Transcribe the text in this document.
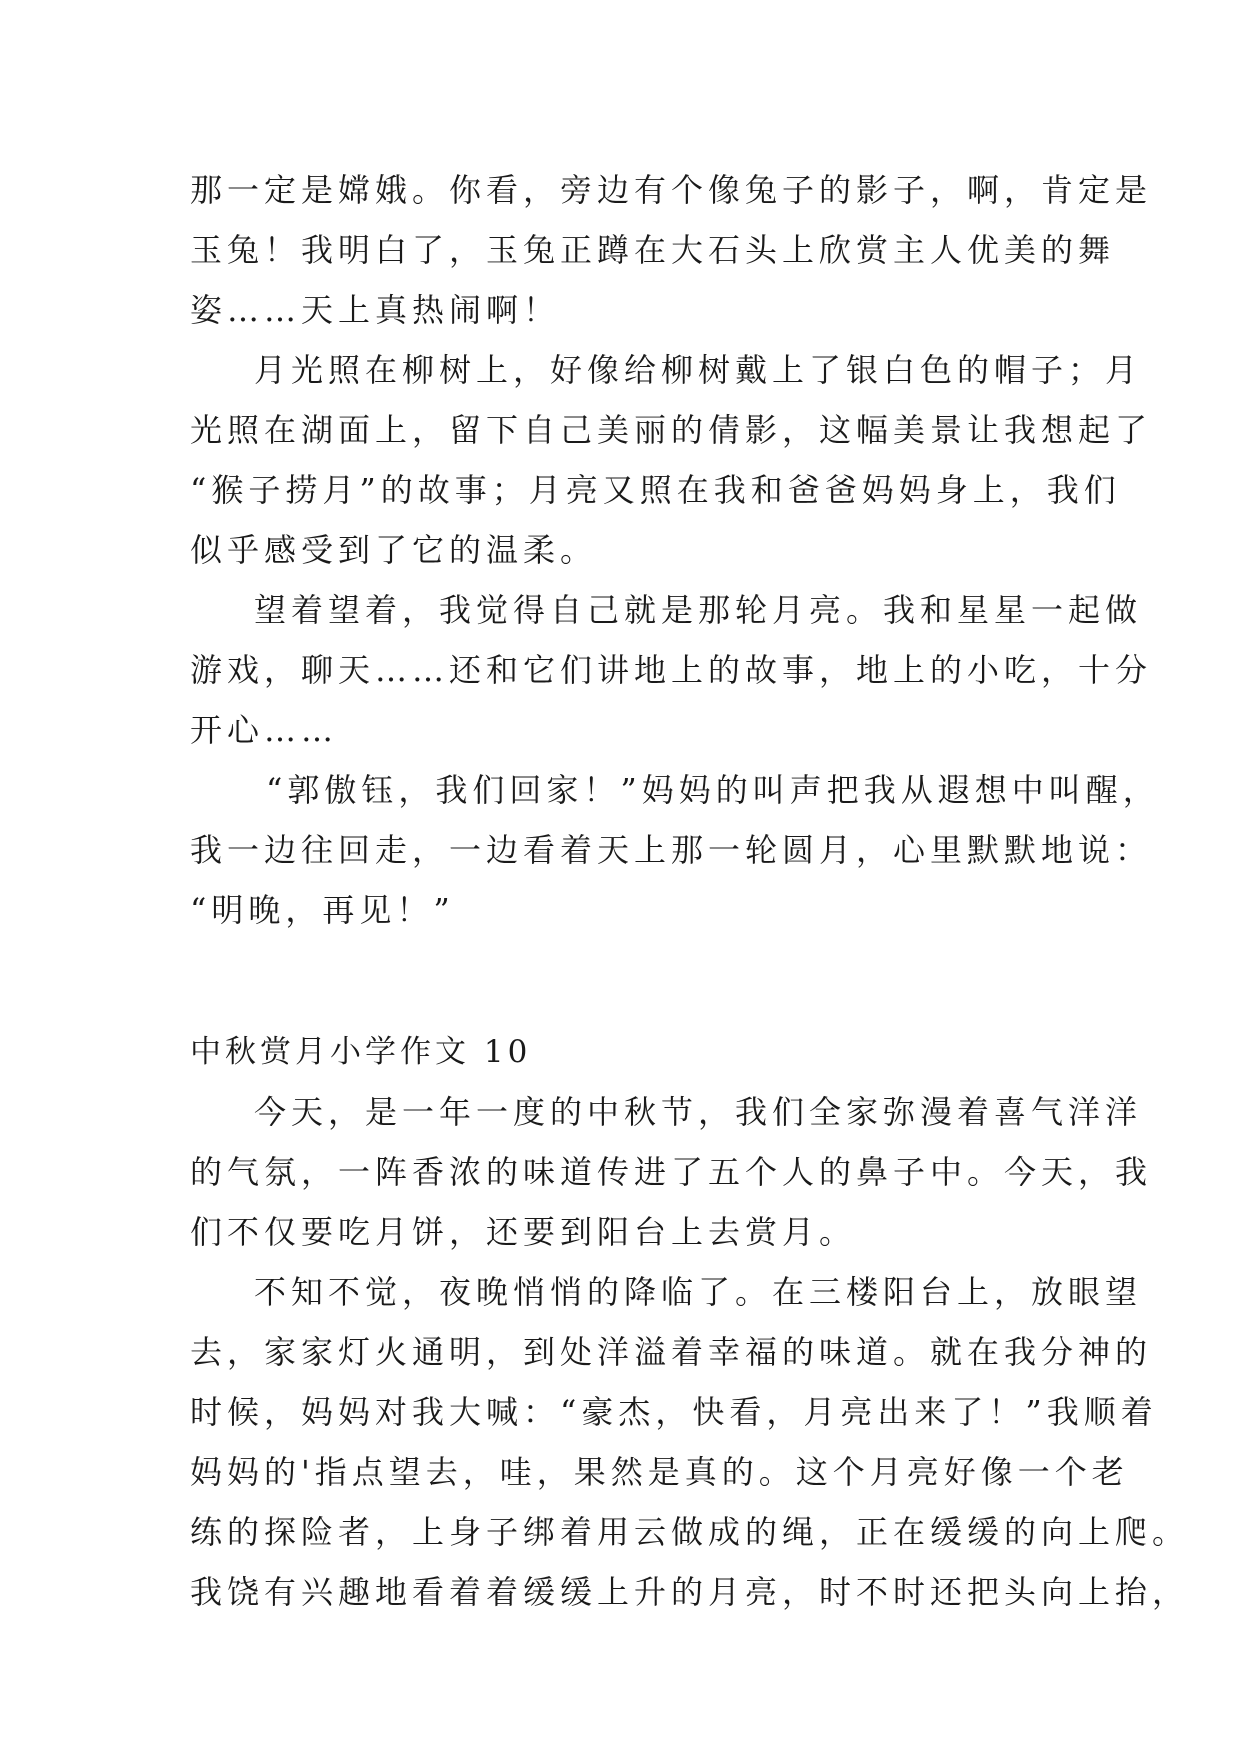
那一定是嫦娥。你看，旁边有个像兔子的影子，啊，肯定是
玉兔！我明白了，玉兔正蹲在大石头上欣赏主人优美的舞
姿……天上真热闹啊！
月光照在柳树上，好像给柳树戴上了银白色的帽子；月
光照在湖面上，留下自己美丽的倩影，这幅美景让我想起了
“猴子捞月”的故事；月亮又照在我和爸爸妈妈身上，我们
似乎感受到了它的温柔。
望着望着，我觉得自己就是那轮月亮。我和星星一起做
游戏，聊天……还和它们讲地上的故事，地上的小吃，十分
开心……
“郭傲钰，我们回家！”妈妈的叫声把我从遐想中叫醒，
我一边往回走，一边看着天上那一轮圆月，心里默默地说：
“明晚，再见！”
中秋赏月小学作文 10
今天，是一年一度的中秋节，我们全家弥漫着喜气洋洋
的气氛，一阵香浓的味道传进了五个人的鼻子中。今天，我
们不仅要吃月饼，还要到阳台上去赏月。
不知不觉，夜晚悄悄的降临了。在三楼阳台上，放眼望
去，家家灯火通明，到处洋溢着幸福的味道。就在我分神的
时候，妈妈对我大喊：“豪杰，快看，月亮出来了！”我顺着
妈妈的'指点望去，哇，果然是真的。这个月亮好像一个老
练的探险者，上身子绑着用云做成的绳，正在缓缓的向上爬。
我饶有兴趣地看着着缓缓上升的月亮，时不时还把头向上抬，
